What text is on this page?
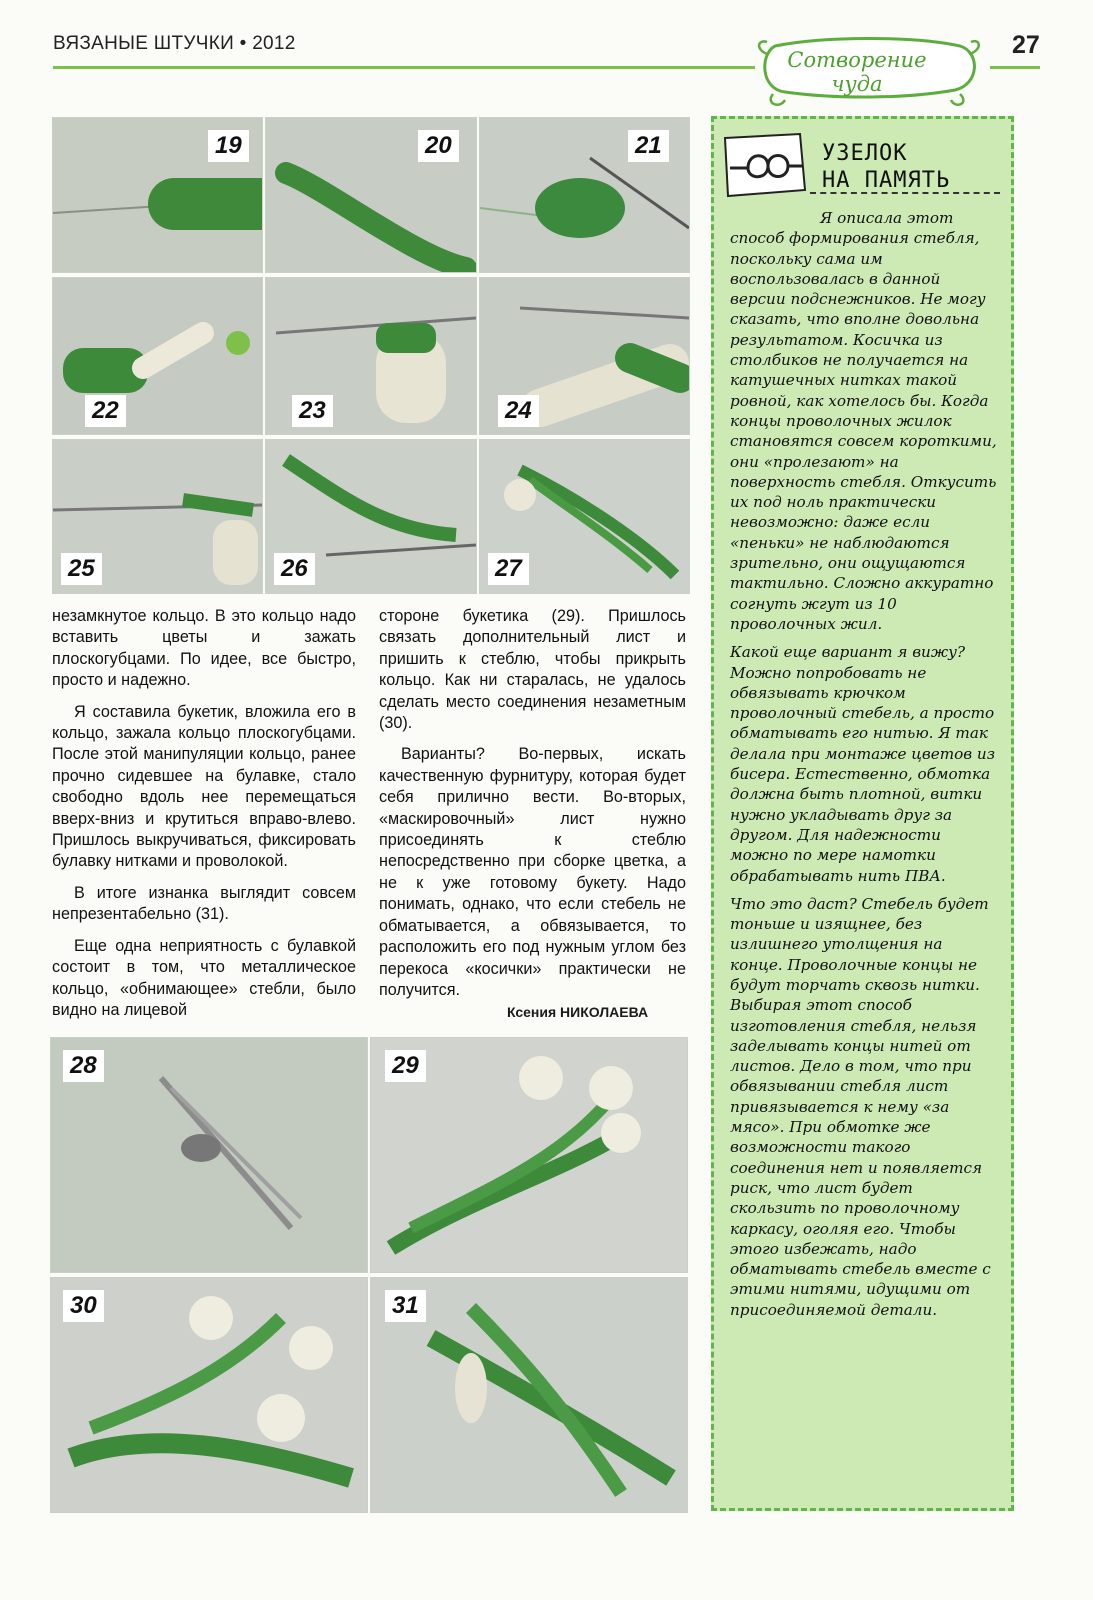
ВЯЗАНЫЕ ШТУЧКИ • 2012
Сотворение чуда
27
19	20	21
22	23	24
25	26	27

незамкнутое кольцо. В это кольцо надо вставить цветы и зажать плоскогубцами. По идее, все быстро, просто и надежно.

Я составила букетик, вложила его в кольцо, зажала кольцо плоскогубцами. После этой манипуляции кольцо, ранее прочно сидевшее на булавке, стало свободно вдоль нее перемещаться вверх-вниз и крутиться вправо-влево. Пришлось выкручиваться, фиксировать булавку нитками и проволокой.

В итоге изнанка выглядит совсем непрезентабельно (31).

Еще одна неприятность с булавкой состоит в том, что металлическое кольцо, «обнимающее» стебли, было видно на лицевой

стороне букетика (29). Пришлось связать дополнительный лист и пришить к стеблю, чтобы прикрыть кольцо. Как ни старалась, не удалось сделать место соединения незаметным (30).

Варианты? Во-первых, искать качественную фурнитуру, которая будет себя прилично вести. Во-вторых, «маскировочный» лист нужно присоединять к стеблю непосредственно при сборке цветка, а не к уже готовому букету. Надо понимать, однако, что если стебель не обматывается, а обвязывается, то расположить его под нужным углом без перекоса «косички» практически не получится.

Ксения НИКОЛАЕВА
28	29
30	31
УЗЕЛОК
НА ПАМЯТЬ

Я описала этот способ формирования стебля, поскольку сама им воспользовалась в данной версии подснежников. Не могу сказать, что вполне довольна результатом. Косичка из столбиков не получается на катушечных нитках такой ровной, как хотелось бы. Когда концы проволочных жилок становятся совсем короткими, они «пролезают» на поверхность стебля. Откусить их под ноль практически невозможно: даже если «пеньки» не наблюдаются зрительно, они ощущаются тактильно. Сложно аккуратно согнуть жгут из 10 проволочных жил.

Какой еще вариант я вижу? Можно попробовать не обвязывать крючком проволочный стебель, а просто обматывать его нитью. Я так делала при монтаже цветов из бисера. Естественно, обмотка должна быть плотной, витки нужно укладывать друг за другом. Для надежности можно по мере намотки обрабатывать нить ПВА.

Что это даст? Стебель будет тоньше и изящнее, без излишнего утолщения на конце. Проволочные концы не будут торчать сквозь нитки. Выбирая этот способ изготовления стебля, нельзя заделывать концы нитей от листов. Дело в том, что при обвязывании стебля лист привязывается к нему «за мясо». При обмотке же возможности такого соединения нет и появляется риск, что лист будет скользить по проволочному каркасу, оголяя его. Чтобы этого избежать, надо обматывать стебель вместе с этими нитями, идущими от присоединяемой детали.
